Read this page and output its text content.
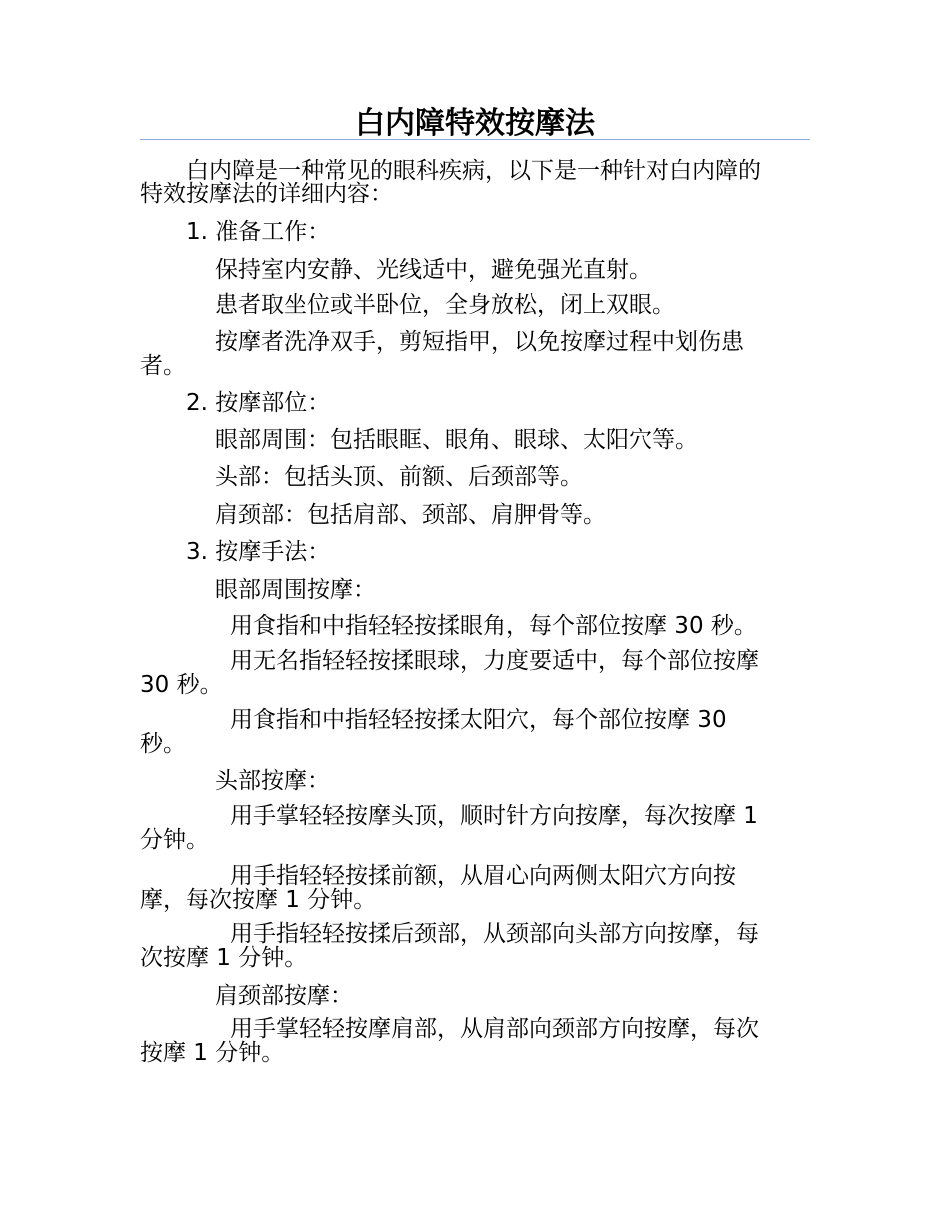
白内障特效按摩法
白内障是一种常见的眼科疾病，以下是一种针对白内障的
特效按摩法的详细内容：
1. 准备工作：
保持室内安静、光线适中，避免强光直射。
患者取坐位或半卧位，全身放松，闭上双眼。
按摩者洗净双手，剪短指甲，以免按摩过程中划伤患
者。
2. 按摩部位：
眼部周围：包括眼眶、眼角、眼球、太阳穴等。
头部：包括头顶、前额、后颈部等。
肩颈部：包括肩部、颈部、肩胛骨等。
3. 按摩手法：
眼部周围按摩：
用食指和中指轻轻按揉眼角，每个部位按摩 30 秒。
用无名指轻轻按揉眼球，力度要适中，每个部位按摩
30 秒。
用食指和中指轻轻按揉太阳穴，每个部位按摩 30
秒。
头部按摩：
用手掌轻轻按摩头顶，顺时针方向按摩，每次按摩 1
分钟。
用手指轻轻按揉前额，从眉心向两侧太阳穴方向按
摩，每次按摩 1 分钟。
用手指轻轻按揉后颈部，从颈部向头部方向按摩，每
次按摩 1 分钟。
肩颈部按摩：
用手掌轻轻按摩肩部，从肩部向颈部方向按摩，每次
按摩 1 分钟。
